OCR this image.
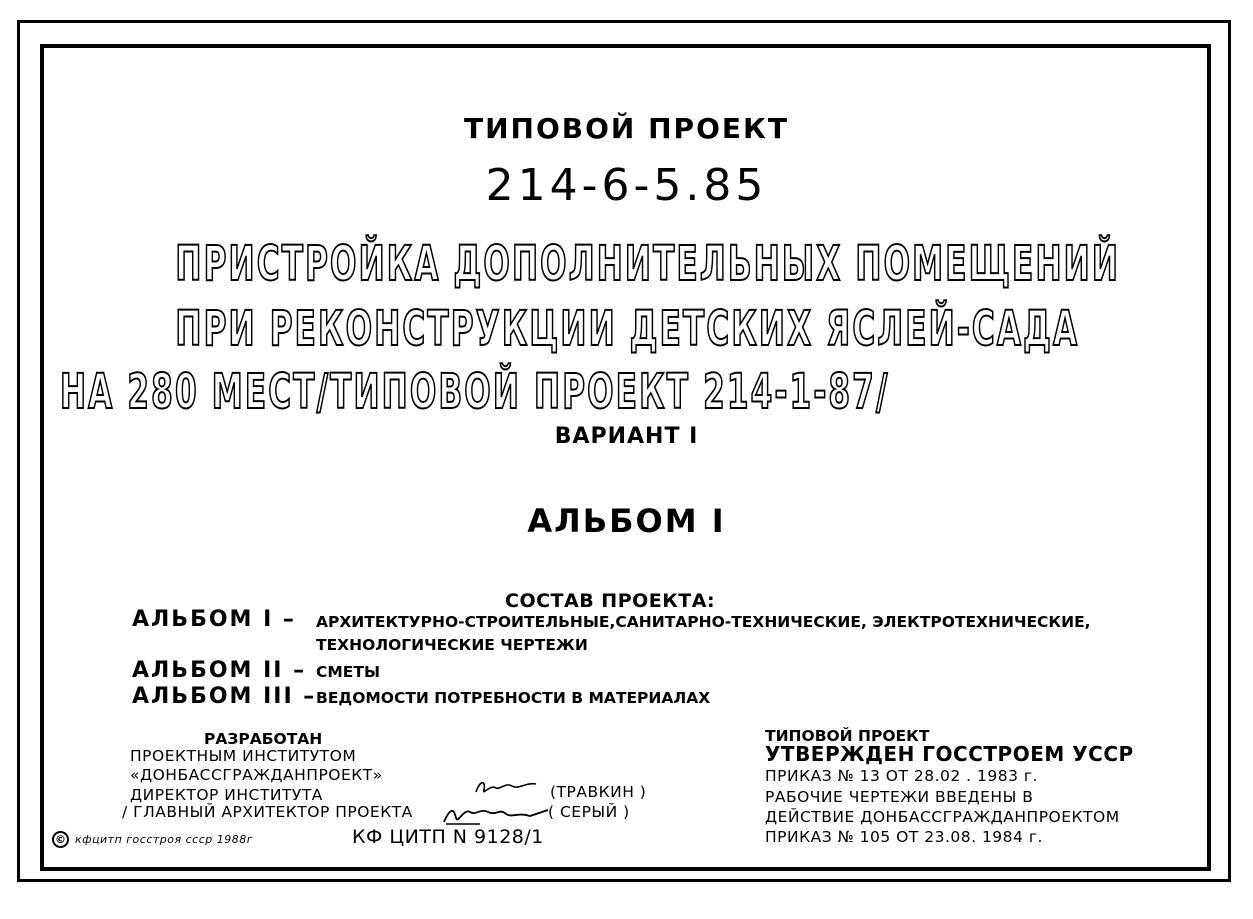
ТИПОВОЙ ПРОЕКТ
214-6-5.85
ПРИСТРОЙКА ДОПОЛНИТЕЛЬНЫХ ПОМЕЩЕНИЙ
ПРИ РЕКОНСТРУКЦИИ ДЕТСКИХ ЯСЛЕЙ-САДА
НА 280 МЕСТ/ТИПОВОЙ ПРОЕКТ 214-1-87/
ВАРИАНТ I
АЛЬБОМ I
СОСТАВ ПРОЕКТА:
АЛЬБОМ I – АРХИТЕКТУРНО-СТРОИТЕЛЬНЫЕ,САНИТАРНО-ТЕХНИЧЕСКИЕ, ЭЛЕКТРОТЕХНИЧЕСКИЕ,
ТЕХНОЛОГИЧЕСКИЕ ЧЕРТЕЖИ
АЛЬБОМ II – СМЕТЫ
АЛЬБОМ III – ВЕДОМОСТИ ПОТРЕБНОСТИ В МАТЕРИАЛАХ
РАЗРАБОТАН
ПРОЕКТНЫМ ИНСТИТУТОМ
«ДОНБАССГРАЖДАНПРОЕКТ»
ДИРЕКТОР ИНСТИТУТА
/ ГЛАВНЫЙ АРХИТЕКТОР ПРОЕКТА
(ТРАВКИН )
( СЕРЫЙ )
© кфцитп госстроя ссср 1988г	КФ ЦИТП N 9128/1
ТИПОВОЙ ПРОЕКТ
УТВЕРЖДЕН ГОССТРОЕМ УССР
ПРИКАЗ № 13 ОТ 28.02 . 1983 г.
РАБОЧИЕ ЧЕРТЕЖИ ВВЕДЕНЫ В
ДЕЙСТВИЕ ДОНБАССГРАЖДАНПРОЕКТОМ
ПРИКАЗ № 105 ОТ 23.08. 1984 г.
